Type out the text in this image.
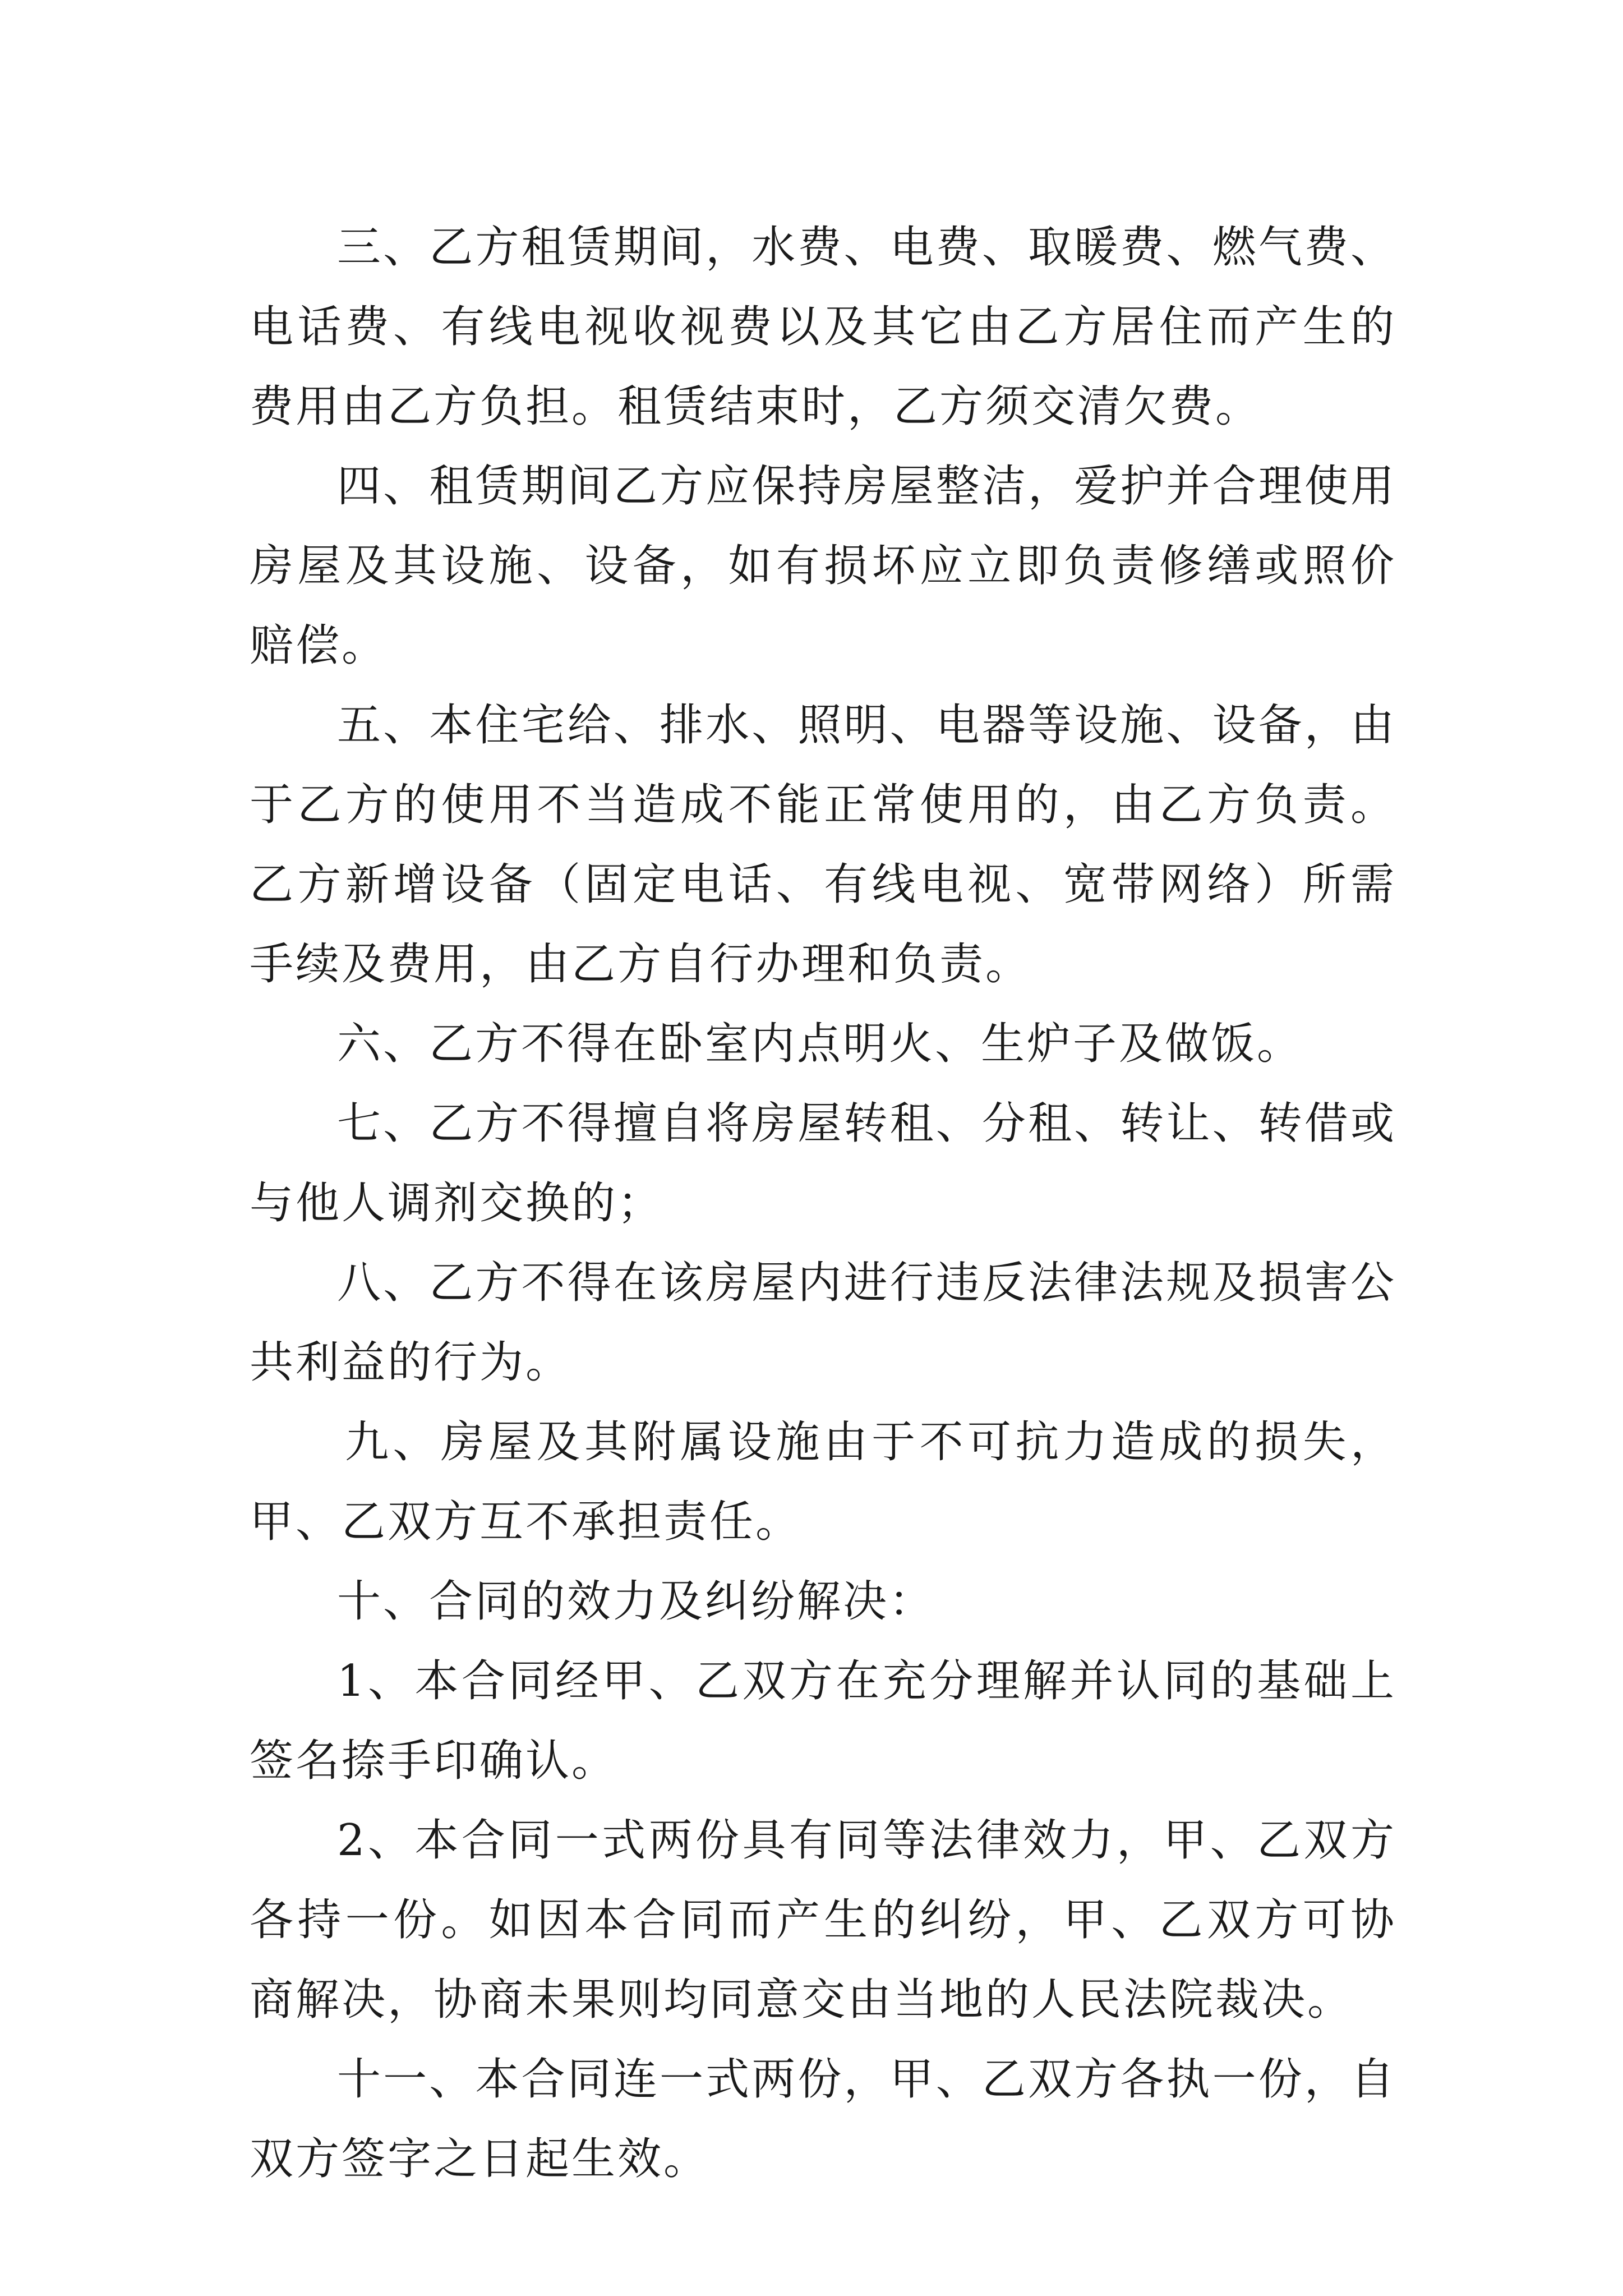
三、乙方租赁期间，水费、电费、取暖费、燃气费、电话费、有线电视收视费以及其它由乙方居住而产生的费用由乙方负担。租赁结束时，乙方须交清欠费。

四、租赁期间乙方应保持房屋整洁，爱护并合理使用房屋及其设施、设备，如有损坏应立即负责修缮或照价赔偿。

五、本住宅给、排水、照明、电器等设施、设备，由于乙方的使用不当造成不能正常使用的，由乙方负责。乙方新增设备（固定电话、有线电视、宽带网络）所需手续及费用，由乙方自行办理和负责。

六、乙方不得在卧室内点明火、生炉子及做饭。

七、乙方不得擅自将房屋转租、分租、转让、转借或与他人调剂交换的；

八、乙方不得在该房屋内进行违反法律法规及损害公共利益的行为。

九、房屋及其附属设施由于不可抗力造成的损失，甲、乙双方互不承担责任。

十、合同的效力及纠纷解决：

1、本合同经甲、乙双方在充分理解并认同的基础上签名捺手印确认。

2、本合同一式两份具有同等法律效力，甲、乙双方各持一份。如因本合同而产生的纠纷，甲、乙双方可协商解决，协商未果则均同意交由当地的人民法院裁决。

十一、本合同连一式两份，甲、乙双方各执一份，自双方签字之日起生效。
